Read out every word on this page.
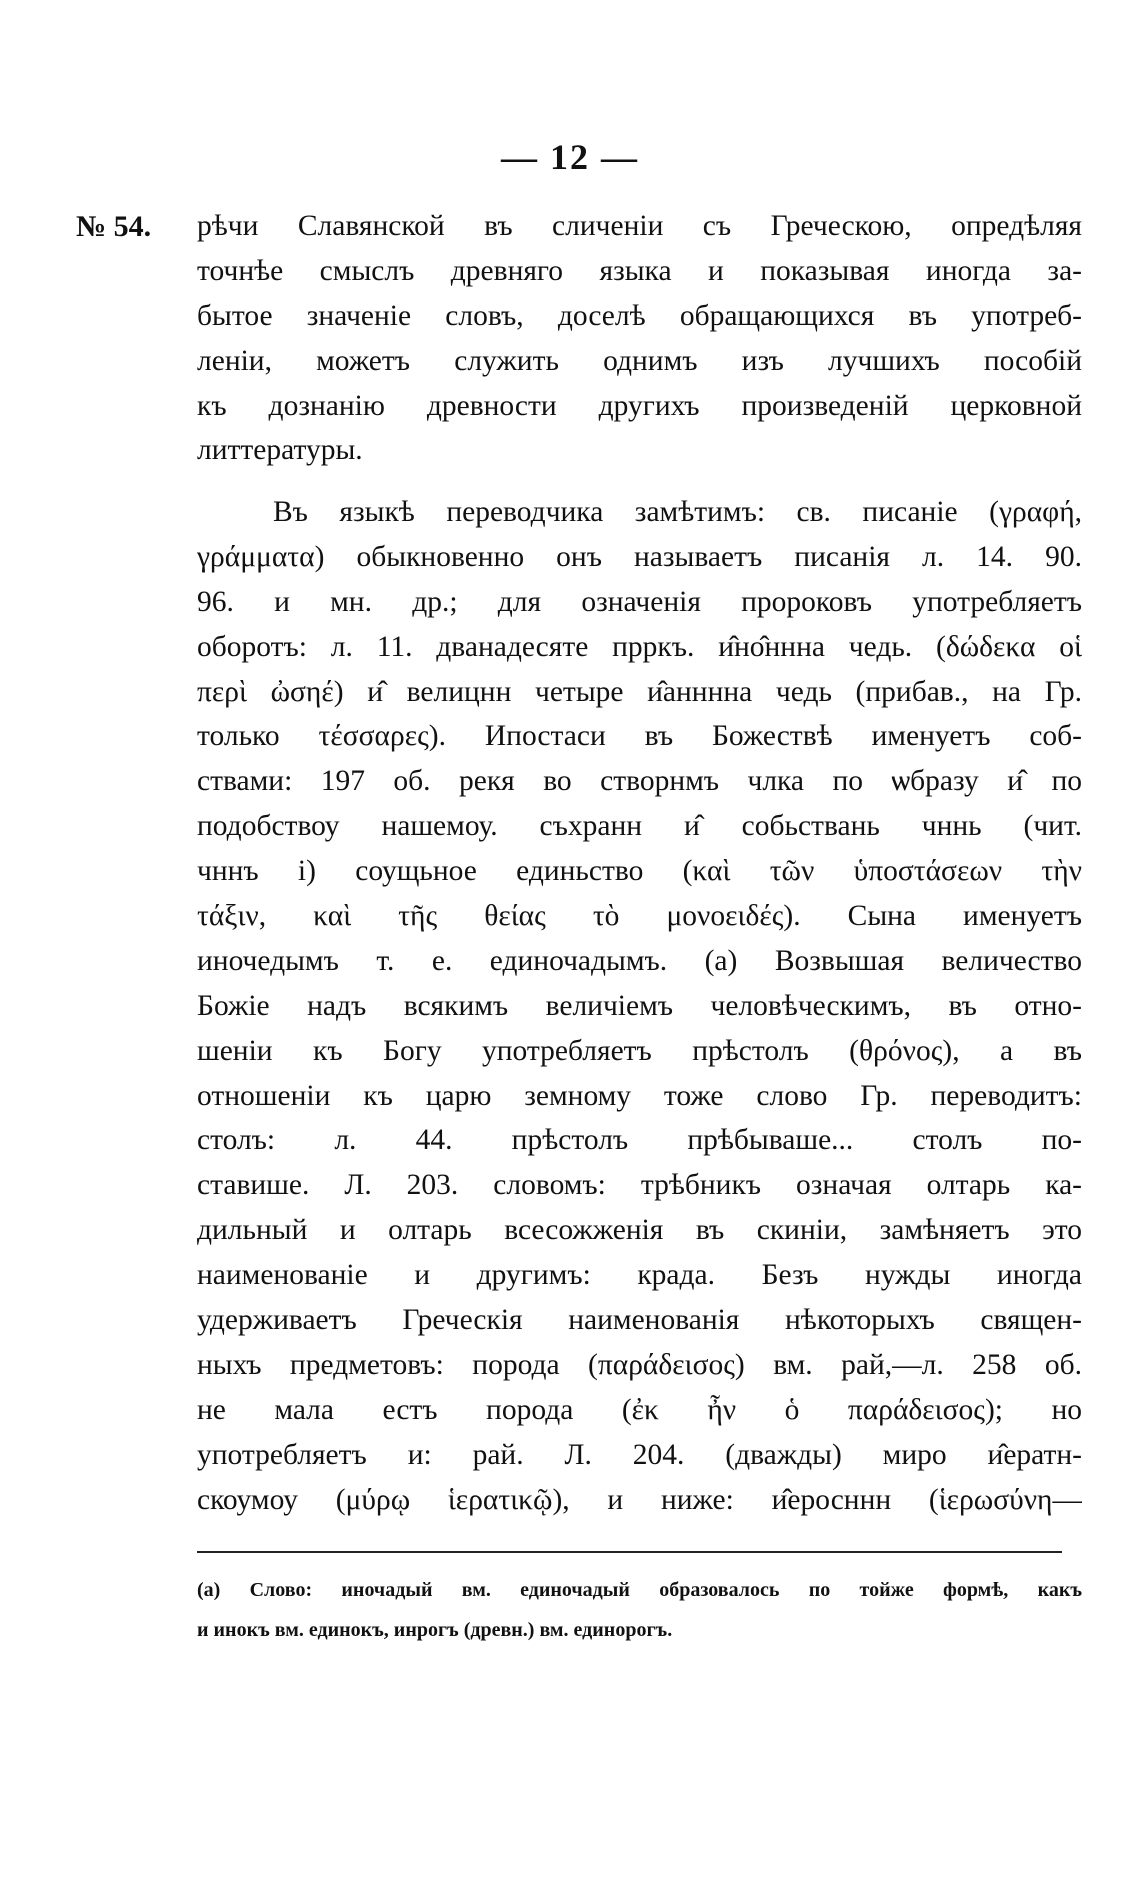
— 12 —
№ 54. рѣчи Славянской въ сличеніи съ Греческою, опредѣляя
точнѣе смыслъ древняго языка и показывая иногда за-
бытое значеніе словъ, доселѣ обращающихся въ употреб-
леніи, можетъ служить однимъ изъ лучшихъ пособій
къ дознанію древности другихъ произведеній церковной
литтературы.
Въ языкѣ переводчика замѣтимъ: св. писаніе (γραφή,
γράμματα) обыкновенно онъ называетъ писанія л. 14. 90.
96. и мн. др.; для означенія пророковъ употребляетъ
оборотъ: л. 11. дванадесяте прркъ. и̂но̂ннна чедь. (δώδεκα οἱ
περὶ ὠσηέ) и̂ велицнн четыре и̂анннна чедь (прибав., на Гр.
только τέσσαρες). Ипостаси въ Божествѣ именуетъ соб-
ствами: 197 об. рекя во створнмъ члка по ѡбразу и̂ по
подобствоу нашемоу. съхранн и̂ собьствань чннь (чит.
чннъ і) соущьное единьство (καὶ τῶν ὑποστάσεων τὴν
τάξιν, καὶ τῆς θείας τὸ μονοειδές). Сына именуетъ
иночедымъ т. е. единочадымъ. (а) Возвышая величество
Божіе надъ всякимъ величіемъ человѣческимъ, въ отно-
шеніи къ Богу употребляетъ прѣстолъ (θρόνος), а въ
отношеніи къ царю земному тоже слово Гр. переводитъ:
столъ: л. 44. прѣстолъ прѣбываше... столъ по-
ставише. Л. 203. словомъ: трѣбникъ означая олтарь ка-
дильный и олтарь всесожженія въ скиніи, замѣняетъ это
наименованіе и другимъ: крада. Безъ нужды иногда
удерживаетъ Греческія наименованія нѣкоторыхъ священ-
ныхъ предметовъ: порода (παράδεισος) вм. рай,—л. 258 об.
не мала естъ порода (ἐκ ἦν ὁ παράδεισος); но
употребляетъ и: рай. Л. 204. (дважды) миро и̂ератн-
скоумоу (μύρῳ ἱερατικῷ), и ниже: и̂еросннн (ἱερωσύνη—
(а) Слово: иночадый вм. единочадый образовалось по тойже формѣ, какъ
и инокъ вм. единокъ, инрогъ (древн.) вм. единорогъ.
